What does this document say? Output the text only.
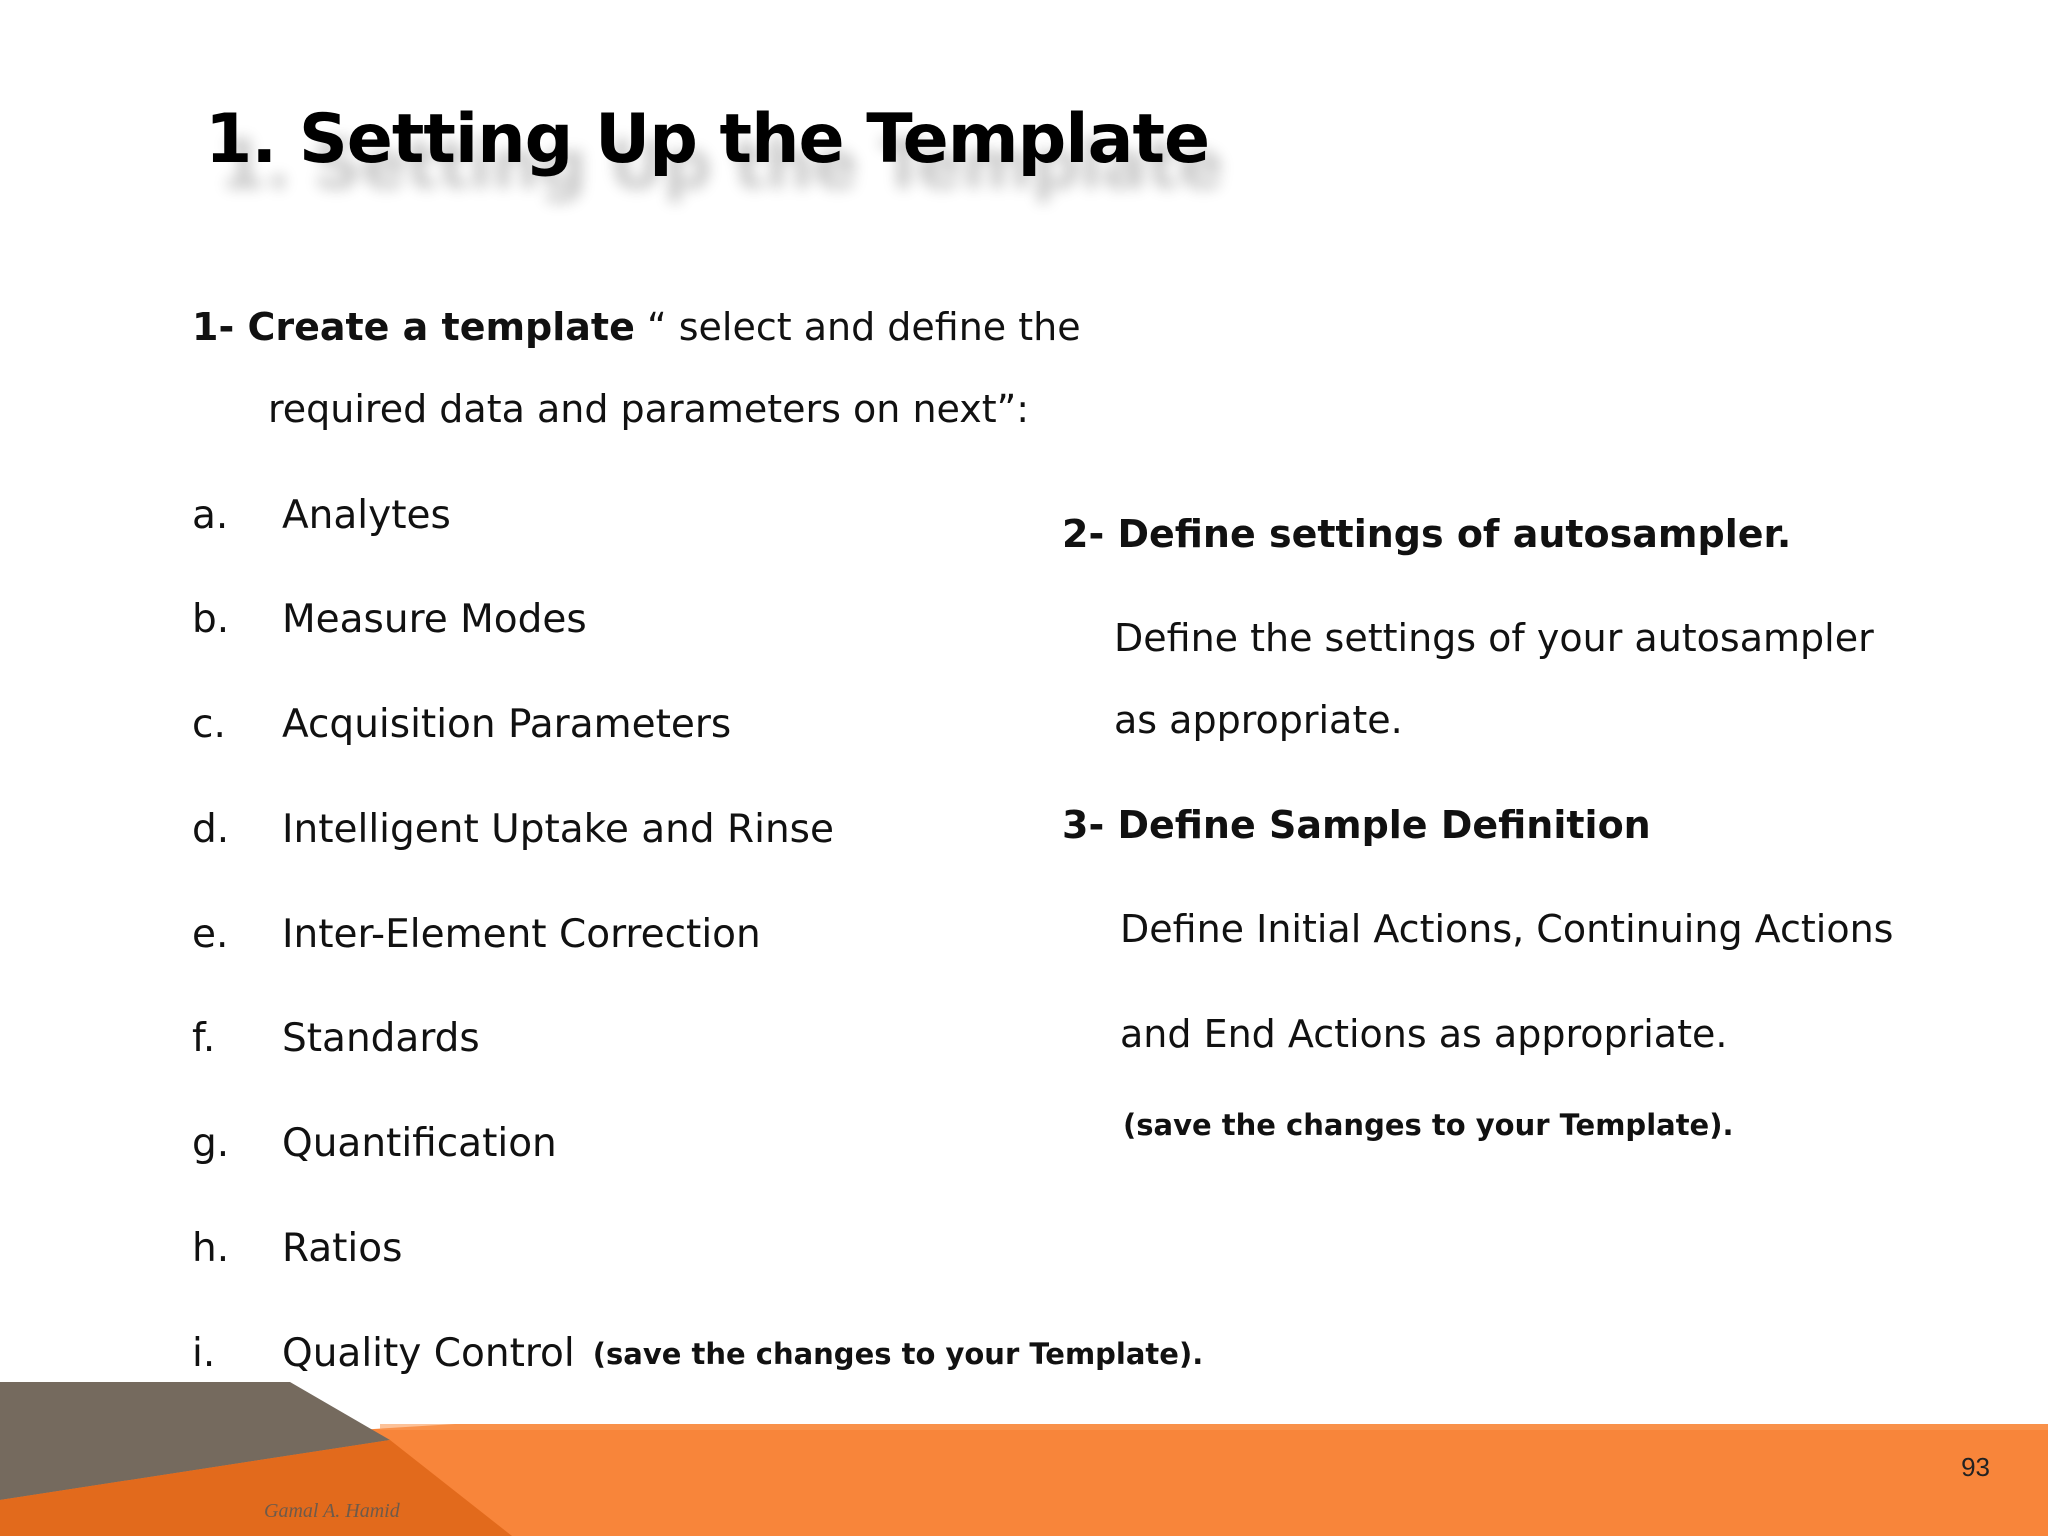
1. Setting Up the Template
1- Create a template “ select and define the
required data and parameters on next”:
a. Analytes
b. Measure Modes
c. Acquisition Parameters
d. Intelligent Uptake and Rinse
e. Inter-Element Correction
f. Standards
g. Quantification
h. Ratios
i. Quality Control (save the changes to your Template).
2- Define settings of autosampler.
Define the settings of your autosampler
as appropriate.
3- Define Sample Definition
Define Initial Actions, Continuing Actions
and End Actions as appropriate.
(save the changes to your Template).
93
Gamal A. Hamid
